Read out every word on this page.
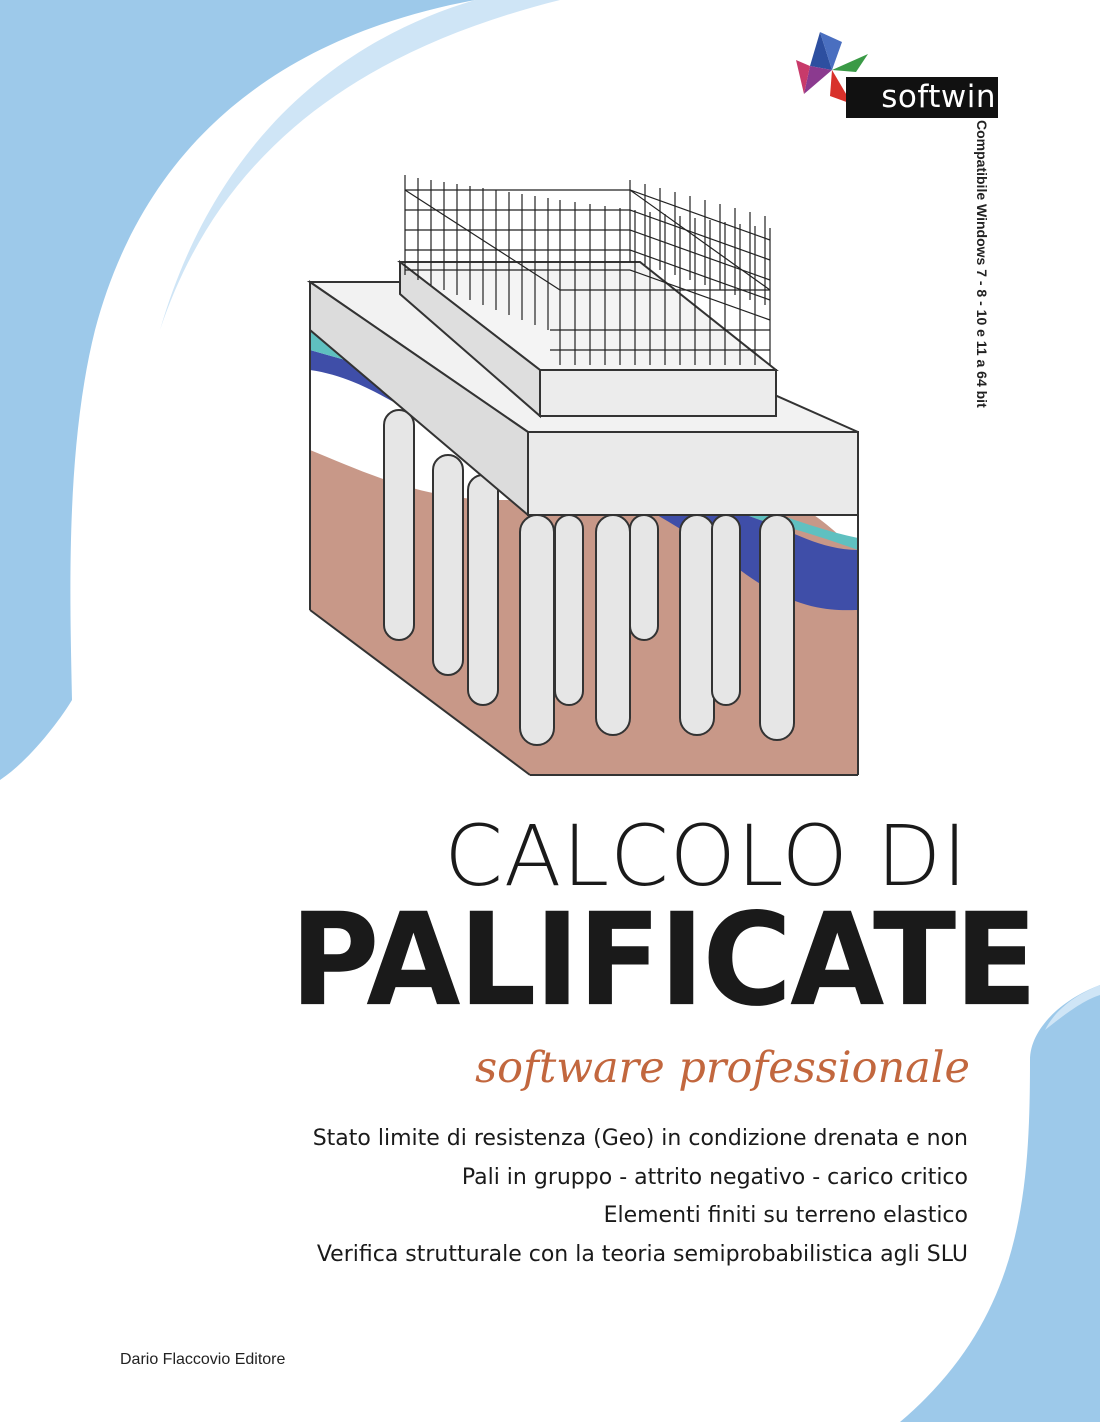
softwin
Compatibile Windows 7 - 8 - 10 e 11 a 64 bit
CALCOLO DI
PALIFICATE
software professionale
Stato limite di resistenza (Geo) in condizione drenata e non
Pali in gruppo - attrito negativo - carico critico
Elementi finiti su terreno elastico
Verifica strutturale con la teoria semiprobabilistica agli SLU
Dario Flaccovio Editore
